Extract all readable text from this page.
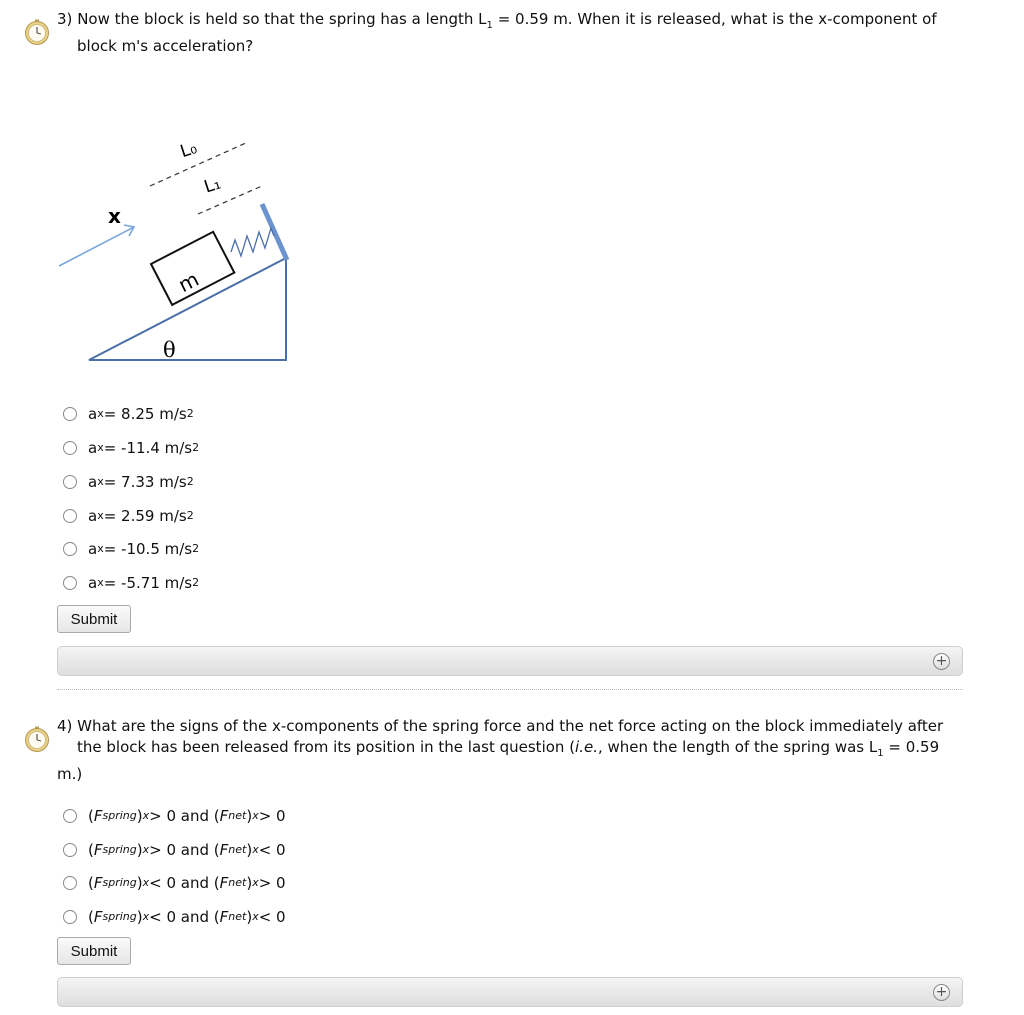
3) Now the block is held so that the spring has a length $L_1 = 0.59$ m. When it is released, what is the x-component of
block m's acceleration?
L₀
L₁
x
m
θ
a x = 8.25 m/s 2
a x = -11.4 m/s 2
a x = 7.33 m/s 2
a x = 2.59 m/s 2
a x = -10.5 m/s 2
a x = -5.71 m/s 2
Submit
+
4) What are the signs of the x-components of the spring force and the net force acting on the block immediately after
the block has been released from its position in the last question (i.e., when the length of the spring was $L_1 = 0.59$
m.)
( F spring ) x > 0 and ( F net ) x > 0
( F spring ) x > 0 and ( F net ) x < 0
( F spring ) x < 0 and ( F net ) x > 0
( F spring ) x < 0 and ( F net ) x < 0
Submit
+
